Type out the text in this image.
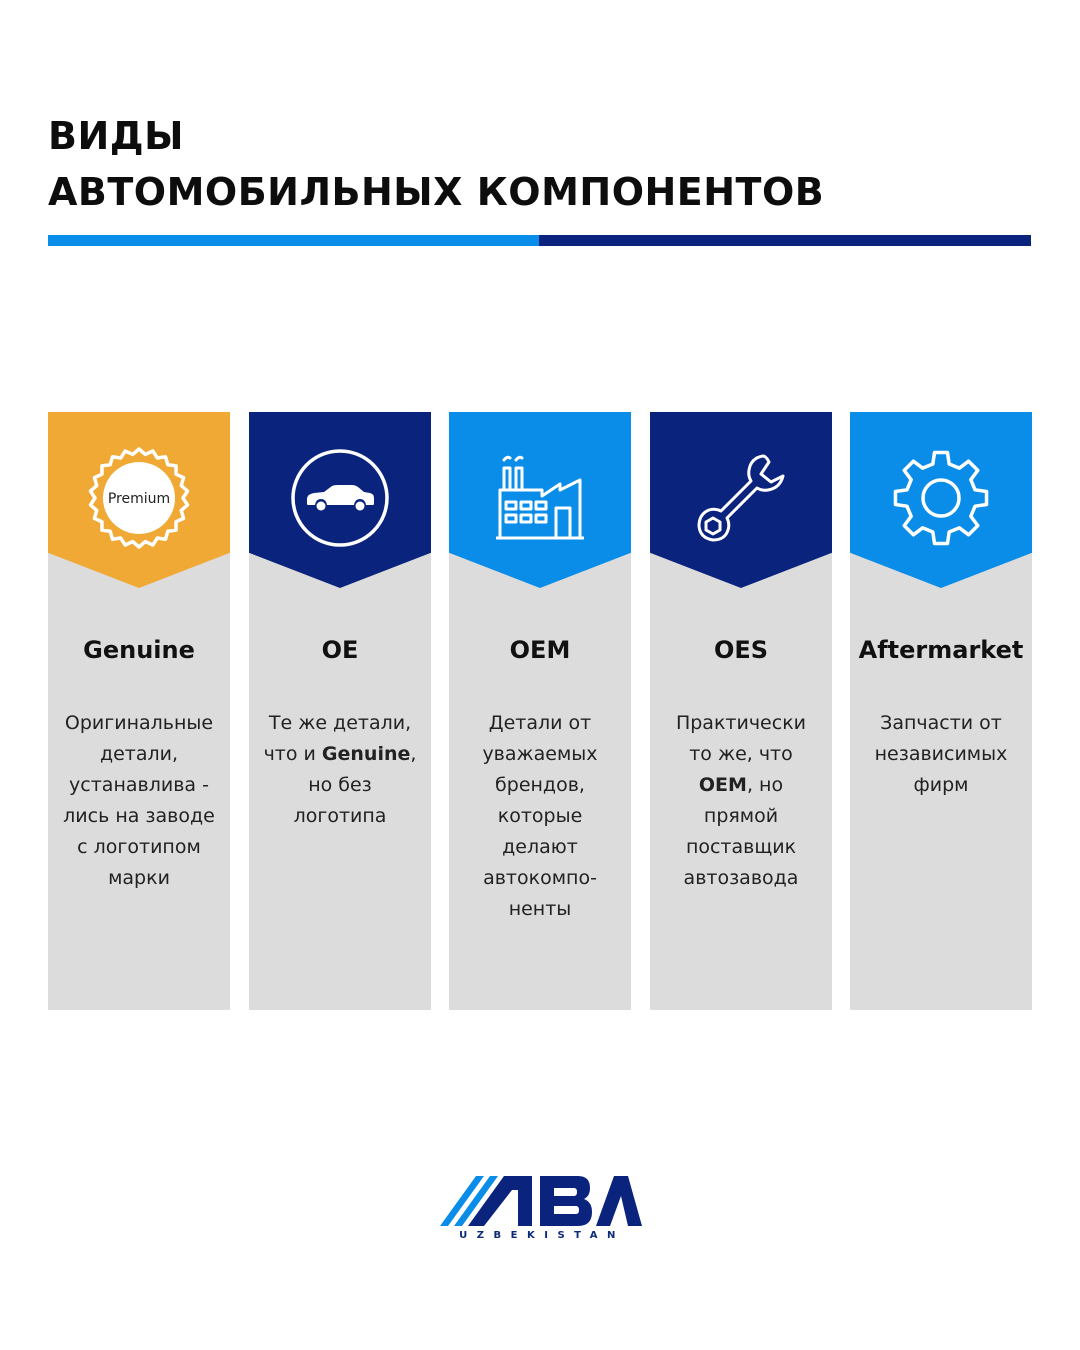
ВИДЫ
АВТОМОБИЛЬНЫХ КОМПОНЕНТОВ
Premium
Genuine
Оригинальные
детали,
устанавлива -
лись на заводе
с логотипом
марки
OE
Те же детали,
что и Genuine,
но без
логотипа
OEM
Детали от
уважаемых
брендов,
которые
делают
автокомпо-
ненты
OES
Практически
то же, что
OEM, но
прямой
поставщик
автозавода
Aftermarket
Запчасти от
независимых
фирм
UZBEKISTAN
